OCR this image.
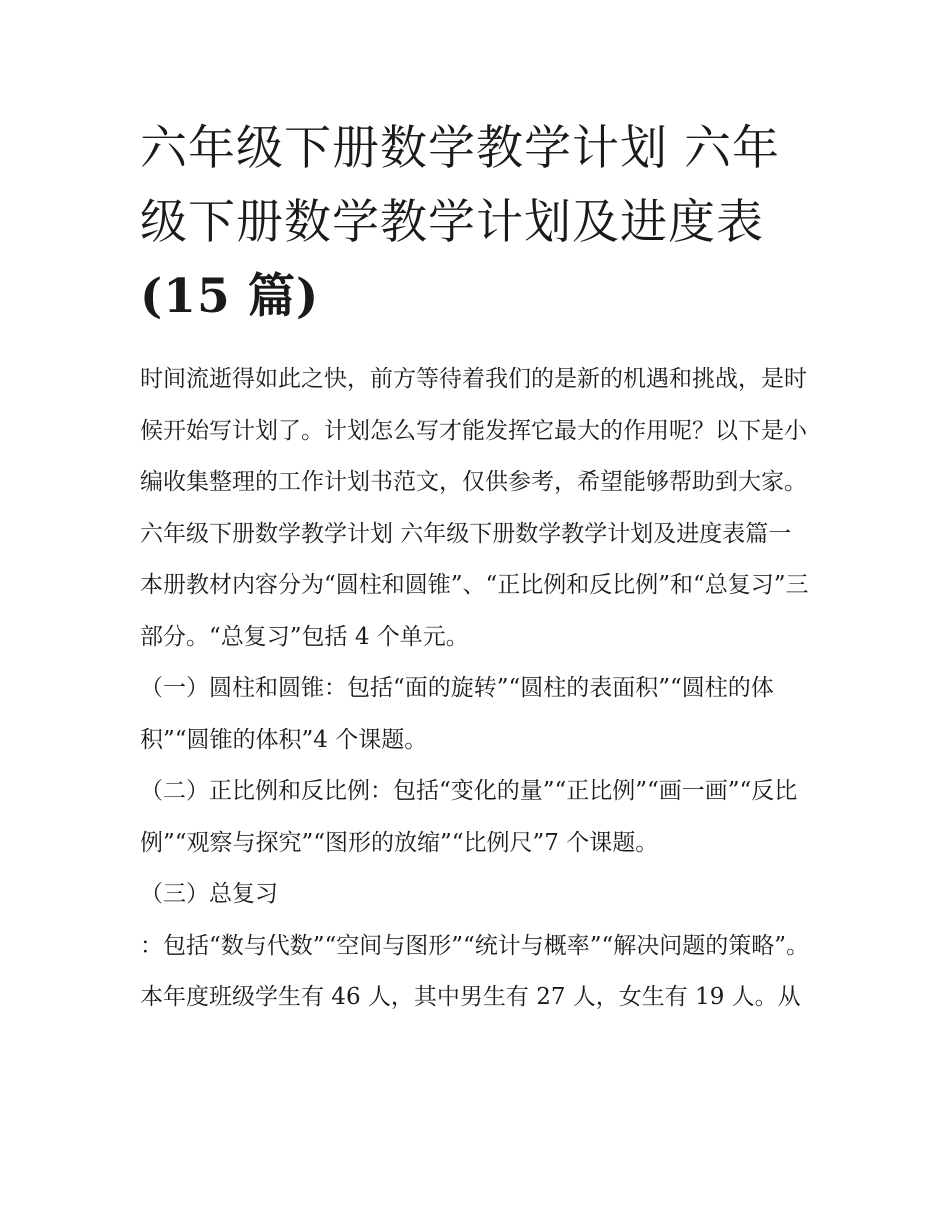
六年级下册数学教学计划 六年
级下册数学教学计划及进度表
(15 篇)

时间流逝得如此之快，前方等待着我们的是新的机遇和挑战，是时候开始写计划了。计划怎么写才能发挥它最大的作用呢？以下是小编收集整理的工作计划书范文，仅供参考，希望能够帮助到大家。

六年级下册数学教学计划 六年级下册数学教学计划及进度表篇一 本册教材内容分为“圆柱和圆锥”、“正比例和反比例”和“总复习”三部分。“总复习”包括 4 个单元。

（一）圆柱和圆锥：包括“面的旋转”“圆柱的表面积”“圆柱的体积”“圆锥的体积”4 个课题。

（二）正比例和反比例：包括“变化的量”“正比例”“画一画”“反比例”“观察与探究”“图形的放缩”“比例尺”7 个课题。

（三）总复习

：包括“数与代数”“空间与图形”“统计与概率”“解决问题的策略”。

本年度班级学生有 46 人，其中男生有 27 人，女生有 19 人。从
